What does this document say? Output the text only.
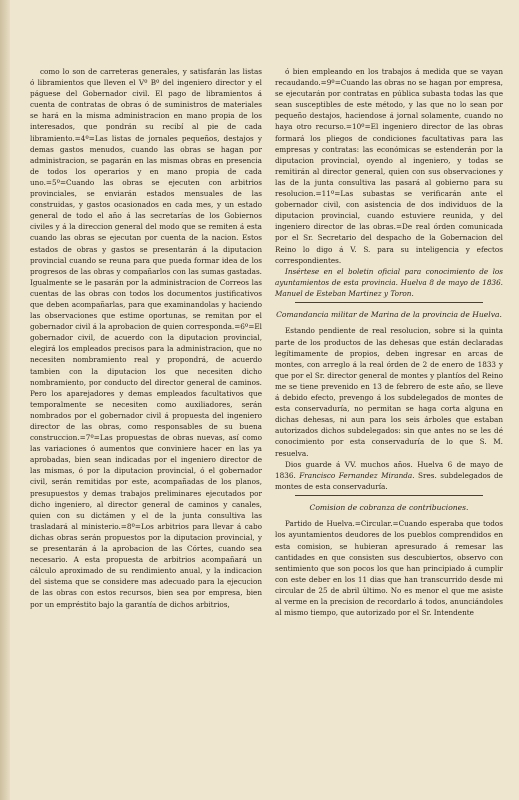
como lo son de carreteras generales, y satisfarán las listas ó libramientos que lleven el Vº Bº del ingeniero director y el páguese del Gobernador civil. El pago de libramientos á cuenta de contratas de obras ó de suministros de materiales se hará en la misma administracion en mano propia de los interesados, que pondrán su recibí al pie de cada libramiento.=4º=Las listas de jornales pequeños, destajos y demas gastos menudos, cuando las obras se hagan por administracion, se pagarán en las mismas obras en presencia de todos los operarios y en mano propia de cada uno.=5º=Cuando las obras se ejecuten con arbitrios provinciales, se enviarán estados mensuales de las construidas, y gastos ocasionados en cada mes, y un estado general de todo el año á las secretarías de los Gobiernos civiles y á la direccion general del modo que se remiten á esta cuando las obras se ejecutan por cuenta de la nacion. Estos estados de obras y gastos se presentarán á la diputacion provincial cuando se reuna para que pueda formar idea de los progresos de las obras y compañarlos con las sumas gastadas. Igualmente se le pasarán por la administracion de Correos las cuentas de las obras con todos los documentos justificativos que deben acompañarlas, para que examinandolas y haciendo las observaciones que estime oportunas, se remitan por el gobernador civil á la aprobacion de quien corresponda.=6º=El gobernador civil, de acuerdo con la diputacion provincial, elegirá los empleados precisos para la administracion, que no necesiten nombramiento real y propondrá, de acuerdo tambien con la diputacion los que necesiten dicho nombramiento, por conducto del director general de caminos. Pero los aparejadores y demas empleados facultativos que temporalmente se necesiten como auxiliadores, serán nombrados por el gobernador civil á propuesta del ingeniero director de las obras, como responsables de su buena construccion.=7º=Las propuestas de obras nuevas, así como las variaciones ó aumentos que conviniere hacer en las ya aprobadas, bien sean indicadas por el ingeniero director de las mismas, ó por la diputacion provincial, ó el gobernador civil, serán remitidas por este, acompañadas de los planos, presupuestos y demas trabajos preliminares ejecutados por dicho ingeniero, al director general de caminos y canales, quien con su dictámen y el de la junta consultiva las trasladará al ministerio.=8º=Los arbitrios para llevar á cabo dichas obras serán propuestos por la diputacion provincial, y se presentarán á la aprobacion de las Córtes, cuando sea necesario. A esta propuesta de arbitrios acompañará un cálculo aproximado de su rendimiento anual, y la indicacion del sistema que se considere mas adecuado para la ejecucion de las obras con estos recursos, bien sea por empresa, bien por un empréstito bajo la garantía de dichos arbitrios,

ó bien empleando en los trabajos á medida que se vayan recaudando.=9º=Cuando las obras no se hagan por empresa, se ejecutarán por contratas en pública subasta todas las que sean susceptibles de este método, y las que no lo sean por pequeño destajos, haciendose á jornal solamente, cuando no haya otro recurso.=10º=El ingeniero director de las obras formará los pliegos de condiciones facultativas para las empresas y contratas: las económicas se estenderán por la diputacion provincial, oyendo al ingeniero, y todas se remitirán al director general, quien con sus observaciones y las de la junta consultiva las pasará al gobierno para su resolucion.=11º=Las subastas se verificarán ante el gobernador civil, con asistencia de dos individuos de la diputacion provincial, cuando estuviere reunida, y del ingeniero director de las obras.=De real órden comunicada por el Sr. Secretario del despacho de la Gobernacion del Reino lo digo á V. S. para su inteligencia y efectos correspondientes.

Insértese en el boletin oficial para conocimiento de los ayuntamientos de esta provincia. Huelva 8 de mayo de 1836. Manuel de Esteban Martinez y Toron.

Comandancia militar de Marina de la provincia de Huelva.

Estando pendiente de real resolucion, sobre si la quinta parte de los productos de las dehesas que están declaradas legítimamente de propios, deben ingresar en arcas de montes, con arreglo á la real órden de 2 de enero de 1833 y que por el Sr. director general de montes y plantíos del Reino me se tiene prevenido en 13 de febrero de este año, se lleve á debido efecto, prevengo á los subdelegados de montes de esta conservaduría, no permitan se haga corta alguna en dichas dehesas, ni aun para los seis árboles que estaban autorizados dichos subdelegados: sin que antes no se les dé conocimiento por esta conservaduría de lo que S. M. resuelva.

Dios guarde á VV. muchos años. Huelva 6 de mayo de 1836. Francisco Fernandez Miranda. Sres. subdelegados de montes de esta conservaduría.

Comision de cobranza de contribuciones.

Partido de Huelva.=Circular.=Cuando esperaba que todos los ayuntamientos deudores de los pueblos comprendidos en esta comision, se hubieran apresurado á remesar las cantidades en que consisten sus descubiertos, observo con sentimiento que son pocos los que han principiado á cumplir con este deber en los 11 dias que han transcurrido desde mi circular de 25 de abril último. No es menor el que me asiste al verme en la precision de recordarlo á todos, anunciándoles al mismo tiempo, que autorizado por el Sr. Intendente
